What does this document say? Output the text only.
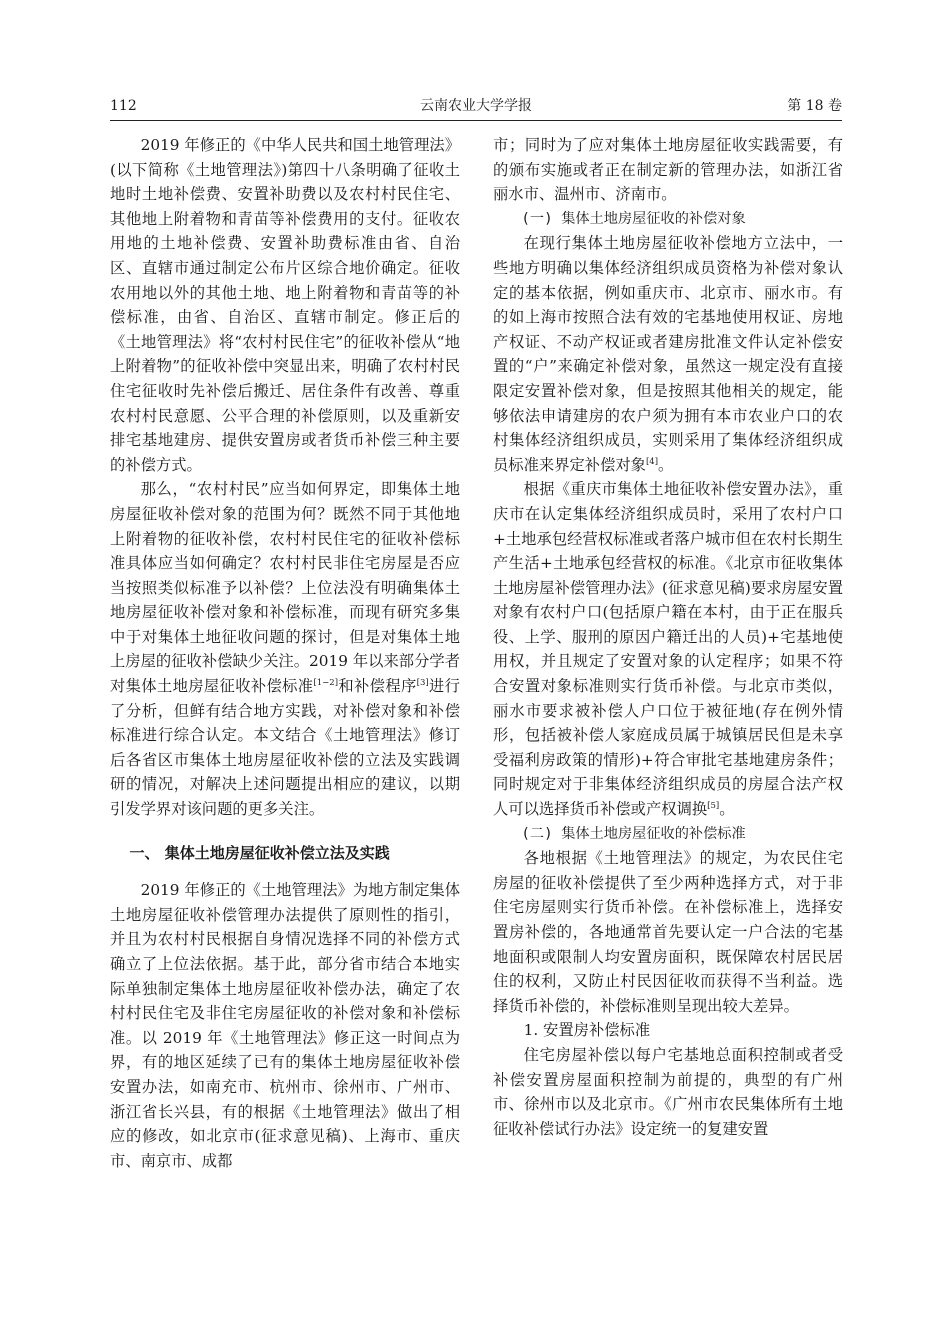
112	云南农业大学学报	第 18 卷

2019 年修正的《中华人民共和国土地管理法》(以下简称《土地管理法》)第四十八条明确了征收土地时土地补偿费、安置补助费以及农村村民住宅、其他地上附着物和青苗等补偿费用的支付。征收农用地的土地补偿费、安置补助费标准由省、自治区、直辖市通过制定公布片区综合地价确定。征收农用地以外的其他土地、地上附着物和青苗等的补偿标准，由省、自治区、直辖市制定。修正后的《土地管理法》将“农村村民住宅”的征收补偿从“地上附着物”的征收补偿中突显出来，明确了农村村民住宅征收时先补偿后搬迁、居住条件有改善、尊重农村村民意愿、公平合理的补偿原则，以及重新安排宅基地建房、提供安置房或者货币补偿三种主要的补偿方式。

那么，“农村村民”应当如何界定，即集体土地房屋征收补偿对象的范围为何？既然不同于其他地上附着物的征收补偿，农村村民住宅的征收补偿标准具体应当如何确定？农村村民非住宅房屋是否应当按照类似标准予以补偿？上位法没有明确集体土地房屋征收补偿对象和补偿标准，而现有研究多集中于对集体土地征收问题的探讨，但是对集体土地上房屋的征收补偿缺少关注。2019 年以来部分学者对集体土地房屋征收补偿标准[1−2]和补偿程序[3]进行了分析，但鲜有结合地方实践，对补偿对象和补偿标准进行综合认定。本文结合《土地管理法》修订后各省区市集体土地房屋征收补偿的立法及实践调研的情况，对解决上述问题提出相应的建议，以期引发学界对该问题的更多关注。

一、 集体土地房屋征收补偿立法及实践

2019 年修正的《土地管理法》为地方制定集体土地房屋征收补偿管理办法提供了原则性的指引，并且为农村村民根据自身情况选择不同的补偿方式确立了上位法依据。基于此，部分省市结合本地实际单独制定集体土地房屋征收补偿办法，确定了农村村民住宅及非住宅房屋征收的补偿对象和补偿标准。以 2019 年《土地管理法》修正这一时间点为界，有的地区延续了已有的集体土地房屋征收补偿安置办法，如南充市、杭州市、徐州市、广州市、浙江省长兴县，有的根据《土地管理法》做出了相应的修改，如北京市(征求意见稿)、上海市、重庆市、南京市、成都

市；同时为了应对集体土地房屋征收实践需要，有的颁布实施或者正在制定新的管理办法，如浙江省丽水市、温州市、济南市。

(一) 集体土地房屋征收的补偿对象

在现行集体土地房屋征收补偿地方立法中，一些地方明确以集体经济组织成员资格为补偿对象认定的基本依据，例如重庆市、北京市、丽水市。有的如上海市按照合法有效的宅基地使用权证、房地产权证、不动产权证或者建房批准文件认定补偿安置的“户”来确定补偿对象，虽然这一规定没有直接限定安置补偿对象，但是按照其他相关的规定，能够依法申请建房的农户须为拥有本市农业户口的农村集体经济组织成员，实则采用了集体经济组织成员标准来界定补偿对象[4]。

根据《重庆市集体土地征收补偿安置办法》，重庆市在认定集体经济组织成员时，采用了农村户口+土地承包经营权标准或者落户城市但在农村长期生产生活+土地承包经营权的标准。《北京市征收集体土地房屋补偿管理办法》(征求意见稿)要求房屋安置对象有农村户口(包括原户籍在本村，由于正在服兵役、上学、服刑的原因户籍迁出的人员)+宅基地使用权，并且规定了安置对象的认定程序；如果不符合安置对象标准则实行货币补偿。与北京市类似，丽水市要求被补偿人户口位于被征地(存在例外情形，包括被补偿人家庭成员属于城镇居民但是未享受福利房政策的情形)+符合审批宅基地建房条件；同时规定对于非集体经济组织成员的房屋合法产权人可以选择货币补偿或产权调换[5]。

(二) 集体土地房屋征收的补偿标准

各地根据《土地管理法》的规定，为农民住宅房屋的征收补偿提供了至少两种选择方式，对于非住宅房屋则实行货币补偿。在补偿标准上，选择安置房补偿的，各地通常首先要认定一户合法的宅基地面积或限制人均安置房面积，既保障农村居民居住的权利，又防止村民因征收而获得不当利益。选择货币补偿的，补偿标准则呈现出较大差异。

1. 安置房补偿标准

住宅房屋补偿以每户宅基地总面积控制或者受补偿安置房屋面积控制为前提的，典型的有广州市、徐州市以及北京市。《广州市农民集体所有土地征收补偿试行办法》设定统一的复建安置
